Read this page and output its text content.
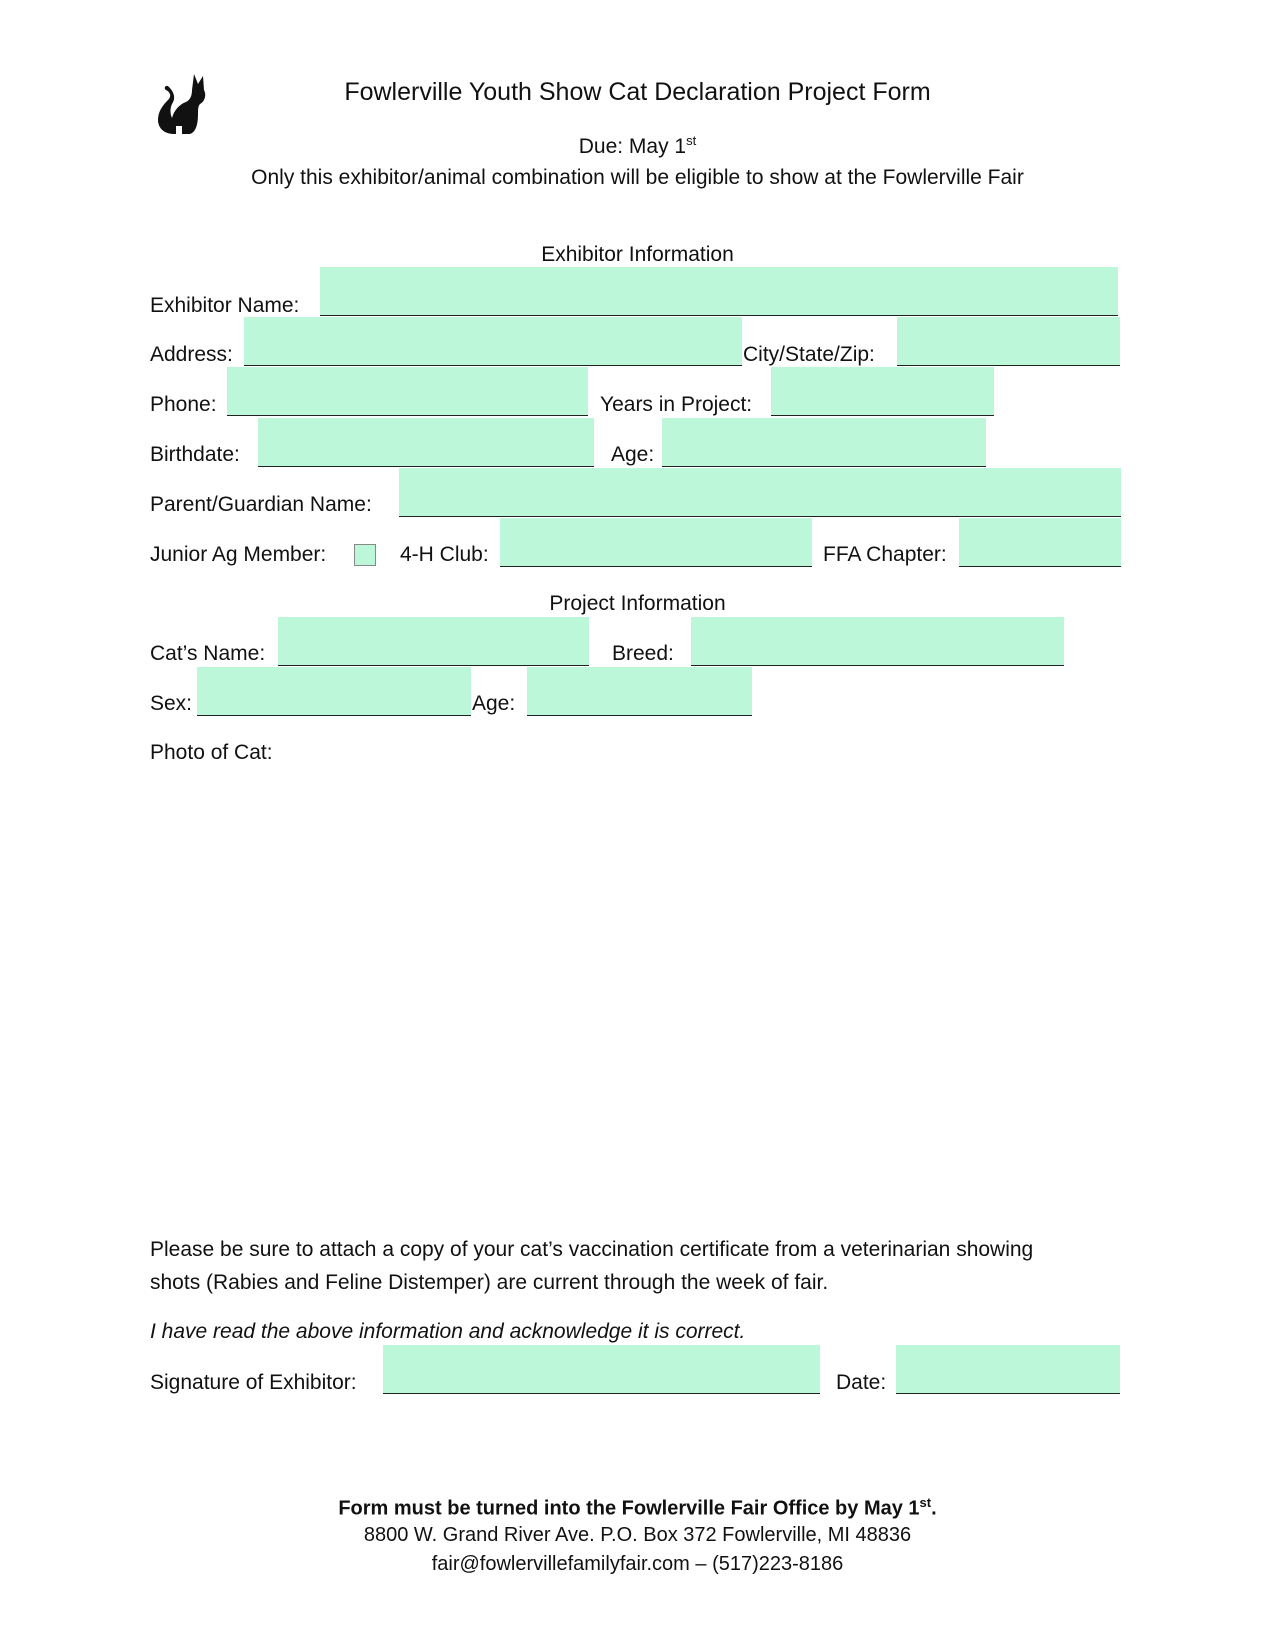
Fowlerville Youth Show Cat Declaration Project Form
Due: May 1st
Only this exhibitor/animal combination will be eligible to show at the Fowlerville Fair
Exhibitor Information
Exhibitor Name:
Address:	City/State/Zip:
Phone:	Years in Project:
Birthdate:	Age:
Parent/Guardian Name:
Junior Ag Member:	4-H Club:	FFA Chapter:
Project Information
Cat’s Name:	Breed:
Sex:	Age:
Photo of Cat:
Please be sure to attach a copy of your cat’s vaccination certificate from a veterinarian showing
shots (Rabies and Feline Distemper) are current through the week of fair.
I have read the above information and acknowledge it is correct.
Signature of Exhibitor:	Date:
Form must be turned into the Fowlerville Fair Office by May 1st.
8800 W. Grand River Ave. P.O. Box 372 Fowlerville, MI 48836
fair@fowlervillefamilyfair.com – (517)223-8186
